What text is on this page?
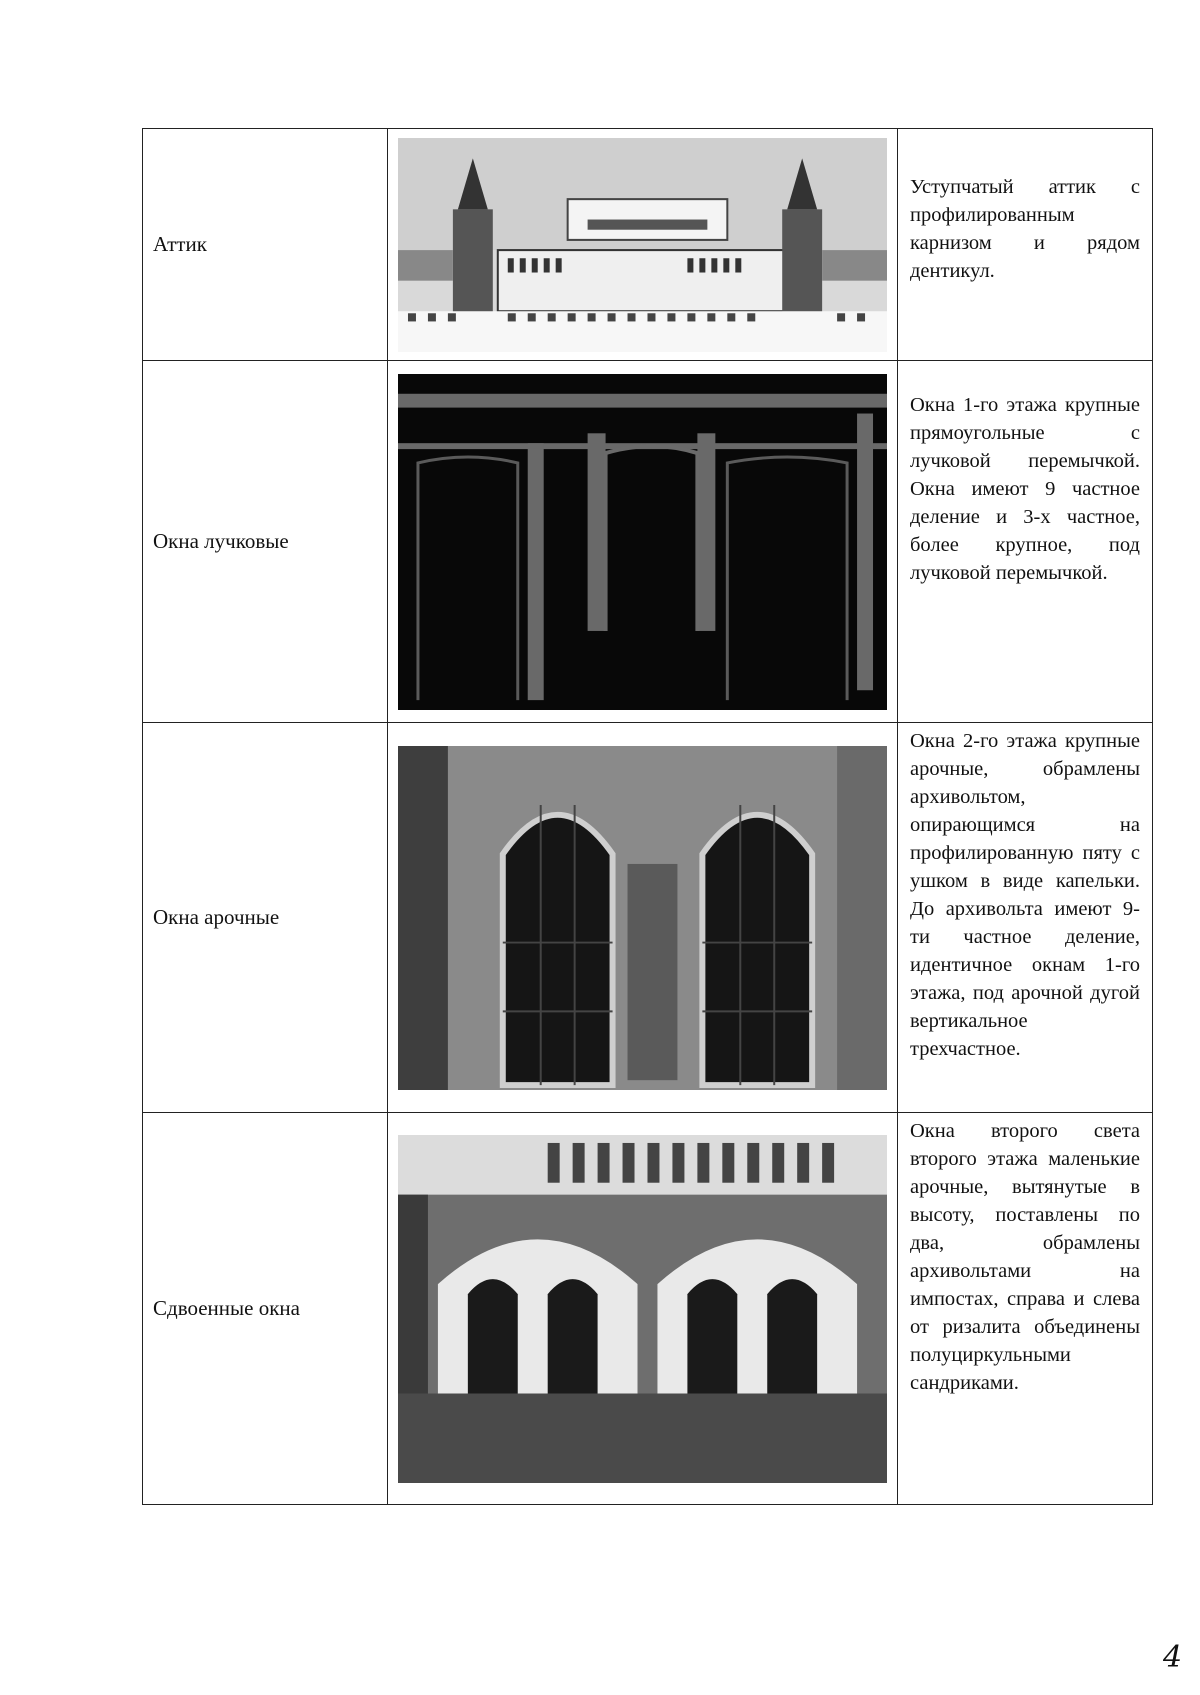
Аттик		Уступчатый аттик с профилированным карнизом и рядом дентикул.
Окна лучковые		Окна 1-го этажа крупные прямоугольные с лучковой перемычкой. Окна имеют 9 частное деление и 3-х частное, более крупное, под лучковой перемычкой.
Окна арочные		Окна 2-го этажа крупные арочные, обрамлены архивольтом, опирающимся на профилированную пяту с ушком в виде капельки. До архивольта имеют 9-ти частное деление, идентичное окнам 1-го этажа, под арочной дугой вертикальное трехчастное.
Сдвоенные окна		Окна второго света второго этажа маленькие арочные, вытянутые в высоту, поставлены по два, обрамлены архивольтами на импостах, справа и слева от ризалита объединены полуциркульными сандриками.
4
